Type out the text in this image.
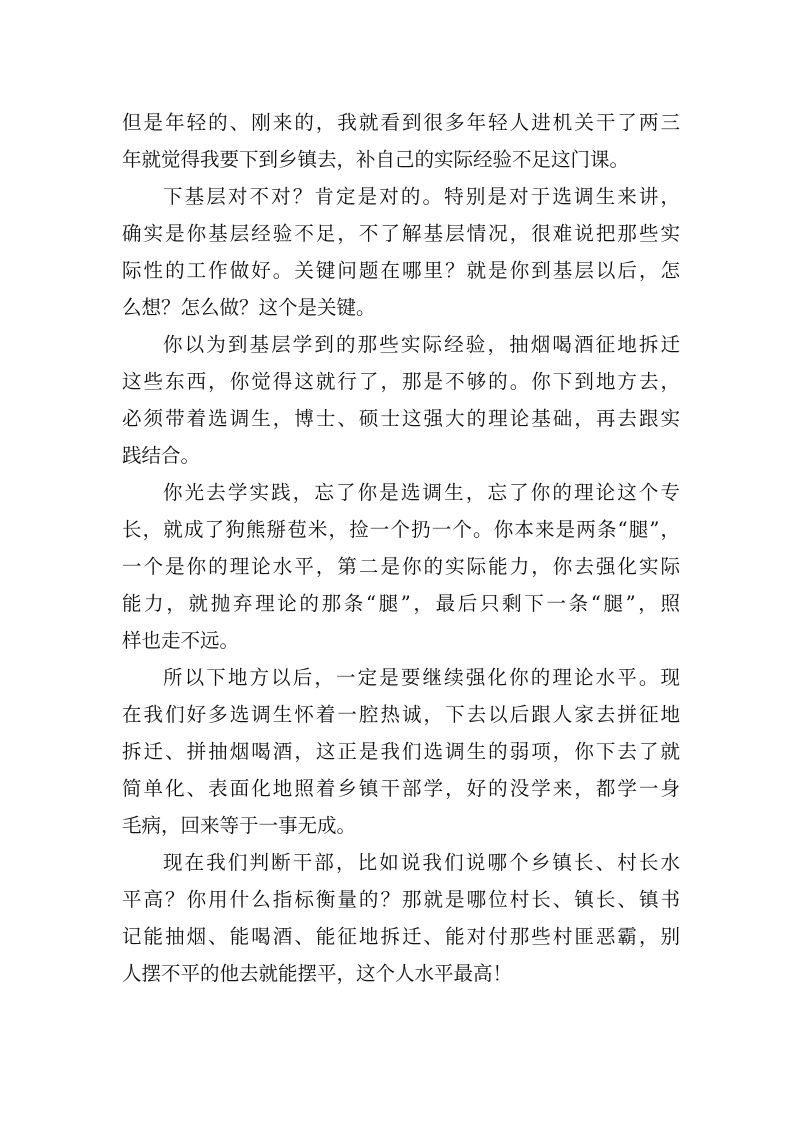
但是年轻的、刚来的，我就看到很多年轻人进机关干了两三
年就觉得我要下到乡镇去，补自己的实际经验不足这门课。
下基层对不对？肯定是对的。特别是对于选调生来讲，
确实是你基层经验不足，不了解基层情况，很难说把那些实
际性的工作做好。关键问题在哪里？就是你到基层以后，怎
么想？怎么做？这个是关键。
你以为到基层学到的那些实际经验，抽烟喝酒征地拆迁
这些东西，你觉得这就行了，那是不够的。你下到地方去，
必须带着选调生，博士、硕士这强大的理论基础，再去跟实
践结合。
你光去学实践，忘了你是选调生，忘了你的理论这个专
长，就成了狗熊掰苞米，捡一个扔一个。你本来是两条“腿”，
一个是你的理论水平，第二是你的实际能力，你去强化实际
能力，就抛弃理论的那条“腿”，最后只剩下一条“腿”，照
样也走不远。
所以下地方以后，一定是要继续强化你的理论水平。现
在我们好多选调生怀着一腔热诚，下去以后跟人家去拼征地
拆迁、拼抽烟喝酒，这正是我们选调生的弱项，你下去了就
简单化、表面化地照着乡镇干部学，好的没学来，都学一身
毛病，回来等于一事无成。
现在我们判断干部，比如说我们说哪个乡镇长、村长水
平高？你用什么指标衡量的？那就是哪位村长、镇长、镇书
记能抽烟、能喝酒、能征地拆迁、能对付那些村匪恶霸，别
人摆不平的他去就能摆平，这个人水平最高！
